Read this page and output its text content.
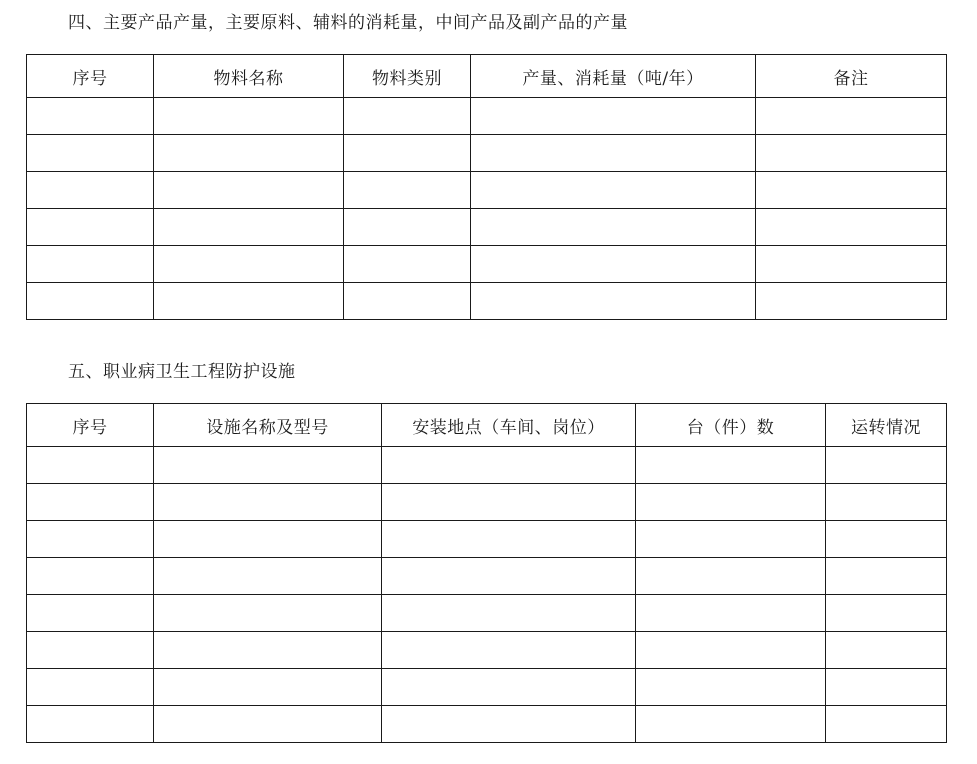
四、主要产品产量，主要原料、辅料的消耗量，中间产品及副产品的产量
序号	物料名称	物料类别	产量、消耗量（吨/年）	备注

五、职业病卫生工程防护设施
序号	设施名称及型号	安装地点（车间、岗位）	台（件）数	运转情况
